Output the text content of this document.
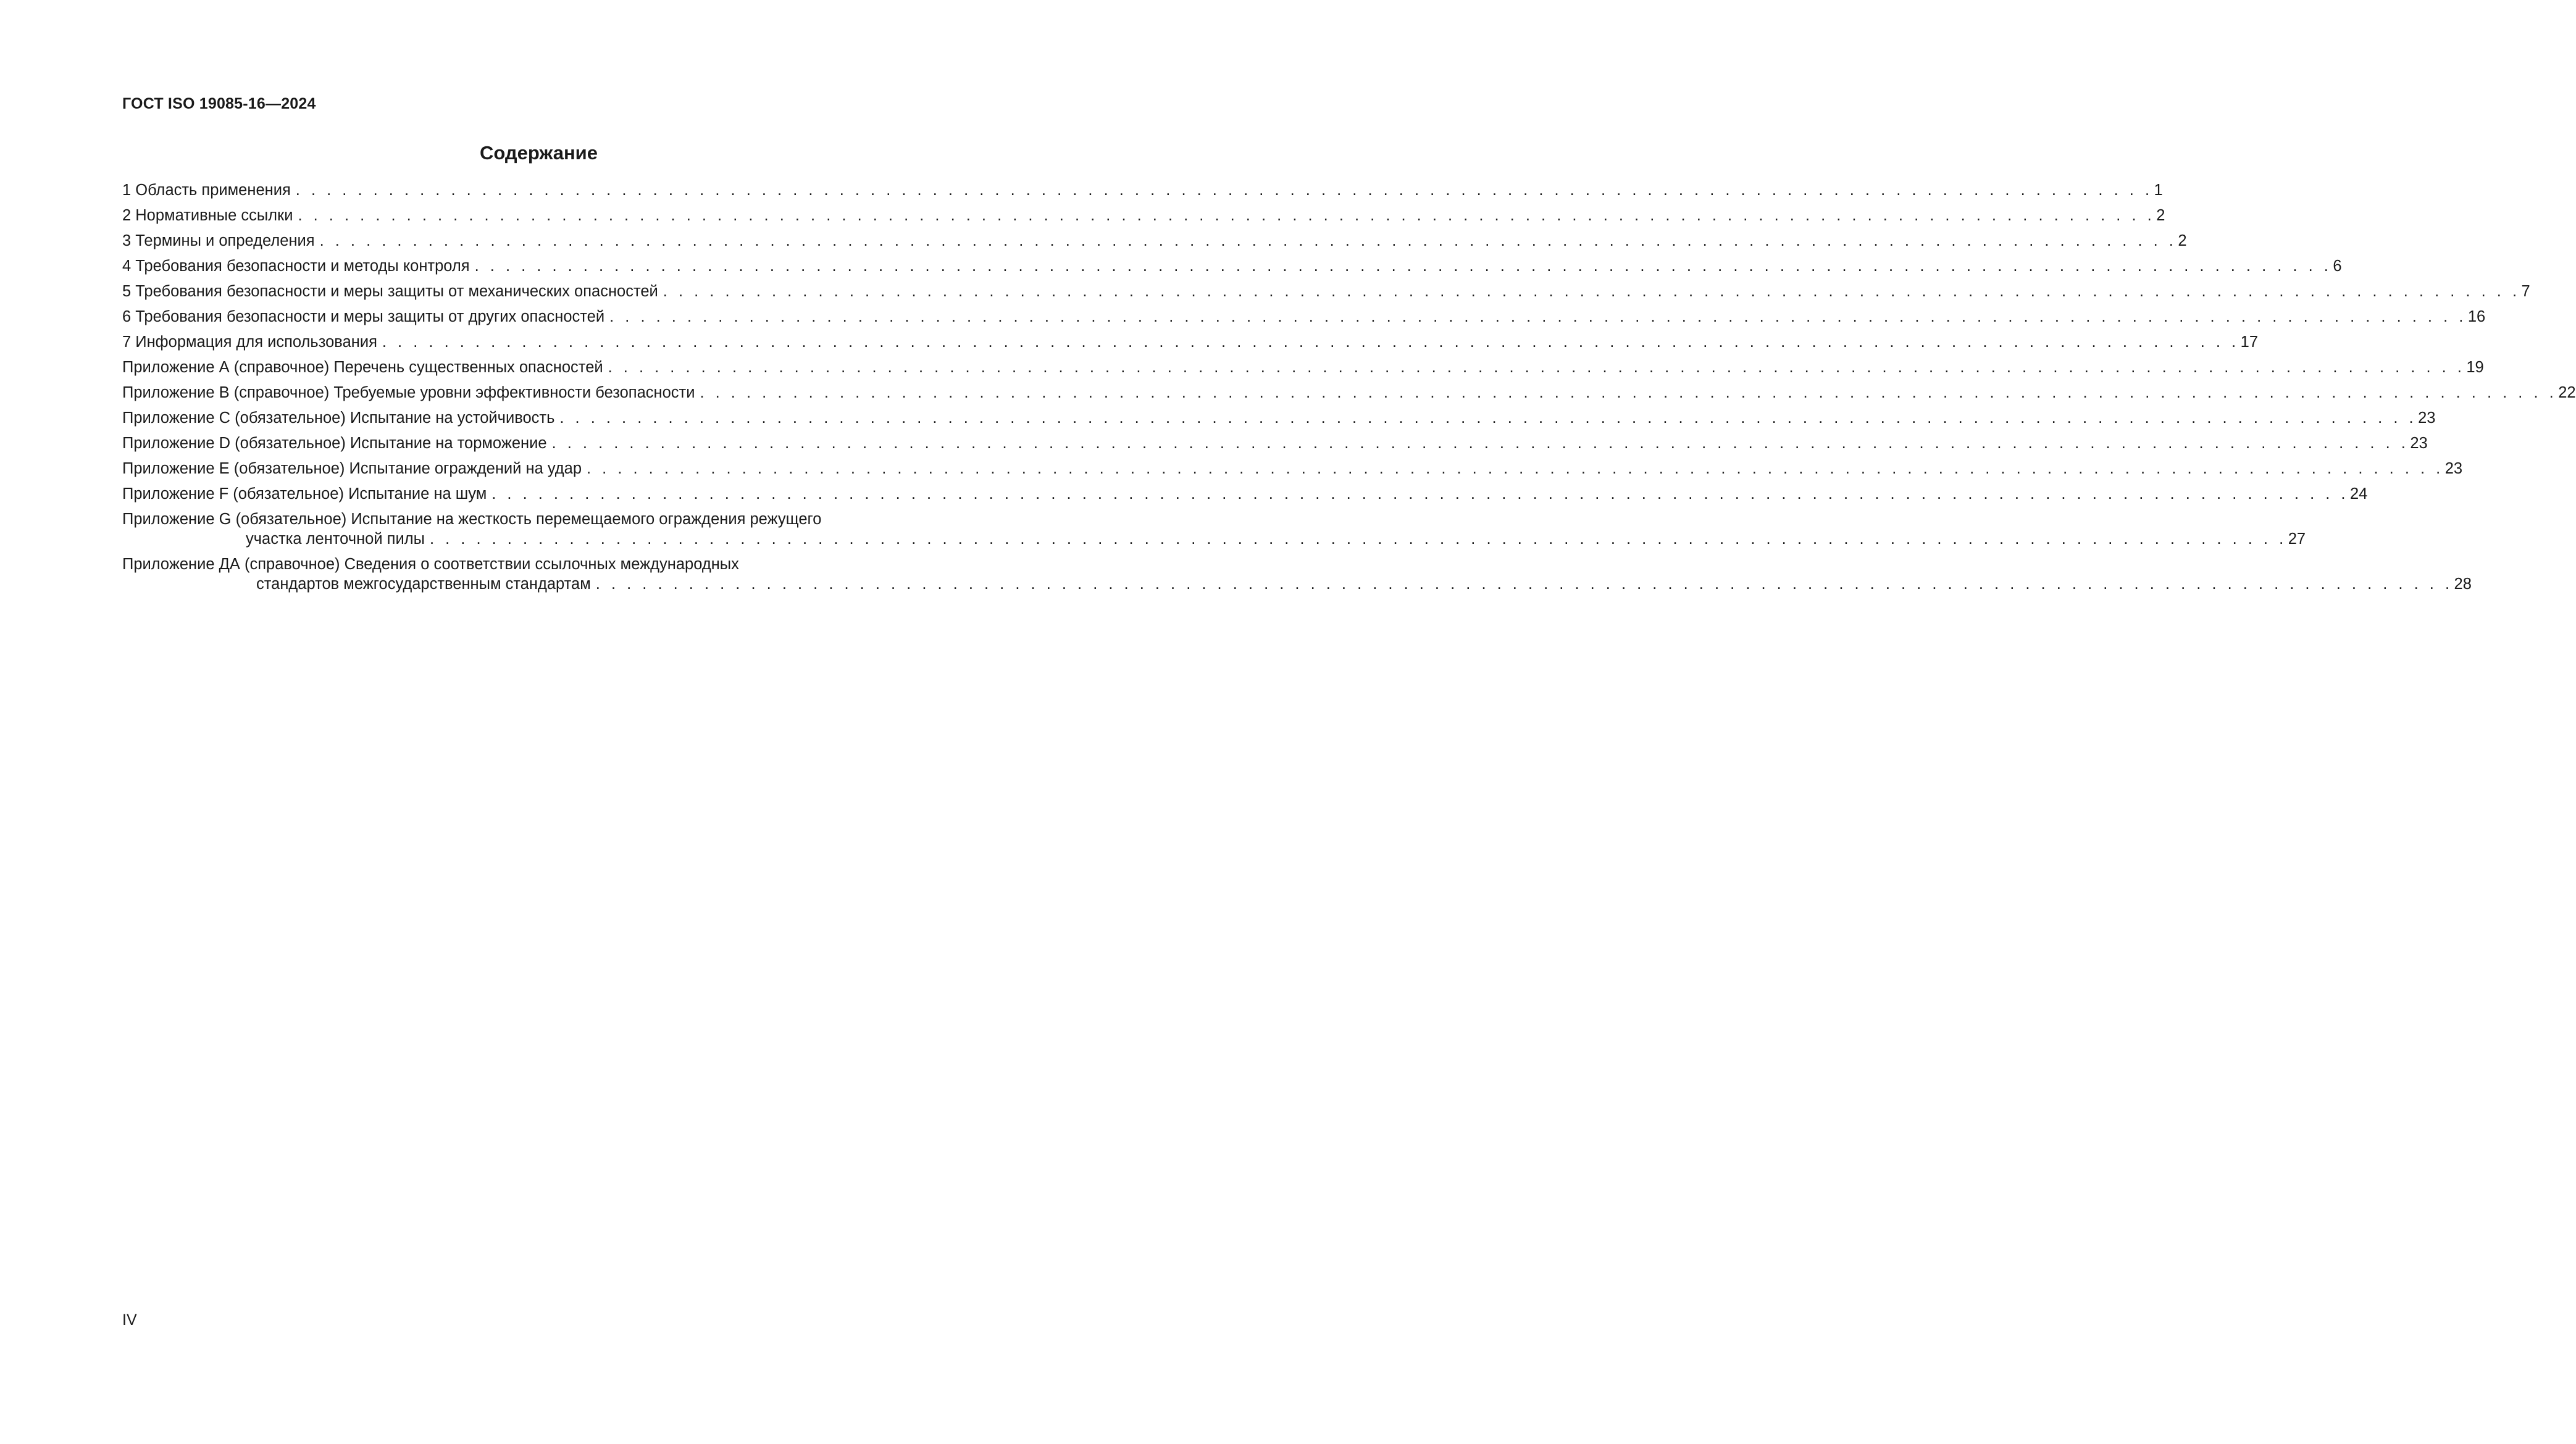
ГОСТ ISO 19085-16—2024
Содержание
1 Область применения . . . . . . . . . . . . . . . . . . . . . . . . . . . . . . . . . . . . . . . . . . . . . . . . . . . . . . . . . . . . . . . . . . . . . . . . . . . . . . . . . . . . . . . . . . . . . . . . . . . . . . . . . . . . . . . . . . . . . . . . 1
2 Нормативные ссылки . . . . . . . . . . . . . . . . . . . . . . . . . . . . . . . . . . . . . . . . . . . . . . . . . . . . . . . . . . . . . . . . . . . . . . . . . . . . . . . . . . . . . . . . . . . . . . . . . . . . . . . . . . . . . . . . . . . . . . . . 2
3 Термины и определения . . . . . . . . . . . . . . . . . . . . . . . . . . . . . . . . . . . . . . . . . . . . . . . . . . . . . . . . . . . . . . . . . . . . . . . . . . . . . . . . . . . . . . . . . . . . . . . . . . . . . . . . . . . . . . . . . . . . . . . . 2
4 Требования безопасности и методы контроля . . . . . . . . . . . . . . . . . . . . . . . . . . . . . . . . . . . . . . . . . . . . . . . . . . . . . . . . . . . . . . . . . . . . . . . . . . . . . . . . . . . . . . . . . . . . . . . . . . . . . . . . . . . . . . . . . . . . . . . . 6
5 Требования безопасности и меры защиты от механических опасностей . . . . . . . . . . . . . . . . . . . . . . . . . . . . . . . . . . . . . . . . . . . . . . . . . . . . . . . . . . . . . . . . . . . . . . . . . . . . . . . . . . . . . . . . . . . . . . . . . . . . . . . . . . . . . . . . . . . . . . . . 7
6 Требования безопасности и меры защиты от других опасностей . . . . . . . . . . . . . . . . . . . . . . . . . . . . . . . . . . . . . . . . . . . . . . . . . . . . . . . . . . . . . . . . . . . . . . . . . . . . . . . . . . . . . . . . . . . . . . . . . . . . . . . . . . . . . . . . . . . . . . . . 16
7 Информация для использования . . . . . . . . . . . . . . . . . . . . . . . . . . . . . . . . . . . . . . . . . . . . . . . . . . . . . . . . . . . . . . . . . . . . . . . . . . . . . . . . . . . . . . . . . . . . . . . . . . . . . . . . . . . . . . . . . . . . . . . . 17
Приложение А (справочное) Перечень существенных опасностей . . . . . . . . . . . . . . . . . . . . . . . . . . . . . . . . . . . . . . . . . . . . . . . . . . . . . . . . . . . . . . . . . . . . . . . . . . . . . . . . . . . . . . . . . . . . . . . . . . . . . . . . . . . . . . . . . . . . . . . . 19
Приложение В (справочное) Требуемые уровни эффективности безопасности . . . . . . . . . . . . . . . . . . . . . . . . . . . . . . . . . . . . . . . . . . . . . . . . . . . . . . . . . . . . . . . . . . . . . . . . . . . . . . . . . . . . . . . . . . . . . . . . . . . . . . . . . . . . . . . . . . . . . . . . 22
Приложение С (обязательное) Испытание на устойчивость . . . . . . . . . . . . . . . . . . . . . . . . . . . . . . . . . . . . . . . . . . . . . . . . . . . . . . . . . . . . . . . . . . . . . . . . . . . . . . . . . . . . . . . . . . . . . . . . . . . . . . . . . . . . . . . . . . . . . . . . 23
Приложение D (обязательное) Испытание на торможение . . . . . . . . . . . . . . . . . . . . . . . . . . . . . . . . . . . . . . . . . . . . . . . . . . . . . . . . . . . . . . . . . . . . . . . . . . . . . . . . . . . . . . . . . . . . . . . . . . . . . . . . . . . . . . . . . . . . . . . . 23
Приложение Е (обязательное) Испытание ограждений на удар . . . . . . . . . . . . . . . . . . . . . . . . . . . . . . . . . . . . . . . . . . . . . . . . . . . . . . . . . . . . . . . . . . . . . . . . . . . . . . . . . . . . . . . . . . . . . . . . . . . . . . . . . . . . . . . . . . . . . . . . 23
Приложение F (обязательное) Испытание на шум . . . . . . . . . . . . . . . . . . . . . . . . . . . . . . . . . . . . . . . . . . . . . . . . . . . . . . . . . . . . . . . . . . . . . . . . . . . . . . . . . . . . . . . . . . . . . . . . . . . . . . . . . . . . . . . . . . . . . . . . 24
Приложение G (обязательное) Испытание на жесткость перемещаемого ограждения режущего
участка ленточной пилы . . . . . . . . . . . . . . . . . . . . . . . . . . . . . . . . . . . . . . . . . . . . . . . . . . . . . . . . . . . . . . . . . . . . . . . . . . . . . . . . . . . . . . . . . . . . . . . . . . . . . . . . . . . . . . . . . . . . . . . . 27
Приложение ДА (справочное) Сведения о соответствии ссылочных международных
стандартов межгосударственным стандартам . . . . . . . . . . . . . . . . . . . . . . . . . . . . . . . . . . . . . . . . . . . . . . . . . . . . . . . . . . . . . . . . . . . . . . . . . . . . . . . . . . . . . . . . . . . . . . . . . . . . . . . . . . . . . . . . . . . . . . . . 28
IV
